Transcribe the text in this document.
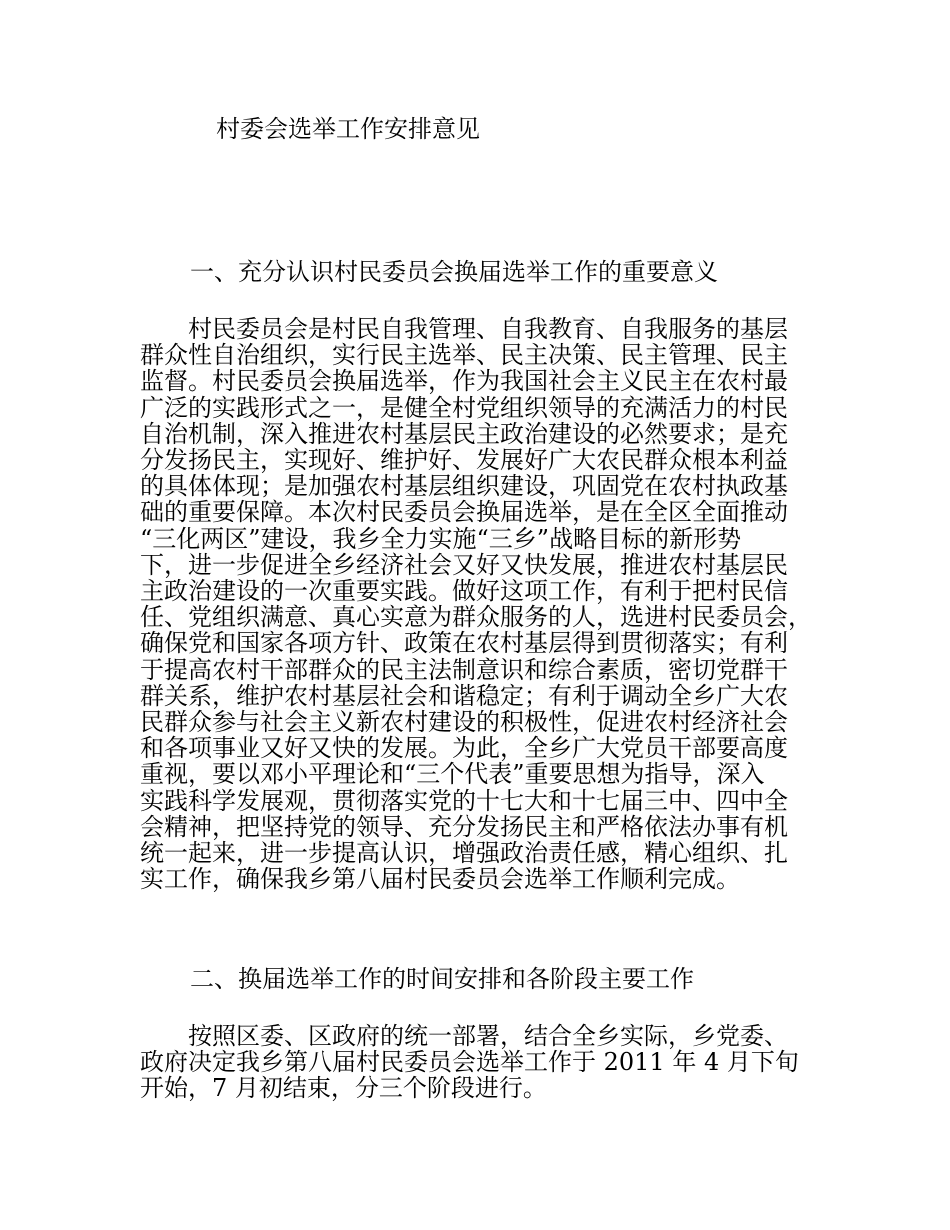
村委会选举工作安排意见
一、充分认识村民委员会换届选举工作的重要意义

　　村民委员会是村民自我管理、自我教育、自我服务的基层
群众性自治组织，实行民主选举、民主决策、民主管理、民主
监督。村民委员会换届选举，作为我国社会主义民主在农村最
广泛的实践形式之一，是健全村党组织领导的充满活力的村民
自治机制，深入推进农村基层民主政治建设的必然要求；是充
分发扬民主，实现好、维护好、发展好广大农民群众根本利益
的具体体现；是加强农村基层组织建设，巩固党在农村执政基
础的重要保障。本次村民委员会换届选举，是在全区全面推动
“三化两区”建设，我乡全力实施“三乡”战略目标的新形势
下，进一步促进全乡经济社会又好又快发展，推进农村基层民
主政治建设的一次重要实践。做好这项工作，有利于把村民信
任、党组织满意、真心实意为群众服务的人，选进村民委员会，
确保党和国家各项方针、政策在农村基层得到贯彻落实；有利
于提高农村干部群众的民主法制意识和综合素质，密切党群干
群关系，维护农村基层社会和谐稳定；有利于调动全乡广大农
民群众参与社会主义新农村建设的积极性，促进农村经济社会
和各项事业又好又快的发展。为此，全乡广大党员干部要高度
重视，要以邓小平理论和“三个代表”重要思想为指导，深入
实践科学发展观，贯彻落实党的十七大和十七届三中、四中全
会精神，把坚持党的领导、充分发扬民主和严格依法办事有机
统一起来，进一步提高认识，增强政治责任感，精心组织、扎
实工作，确保我乡第八届村民委员会选举工作顺利完成。

二、换届选举工作的时间安排和各阶段主要工作

　　按照区委、区政府的统一部署，结合全乡实际，乡党委、
政府决定我乡第八届村民委员会选举工作于 2011 年 4 月下旬
开始，7 月初结束，分三个阶段进行。
